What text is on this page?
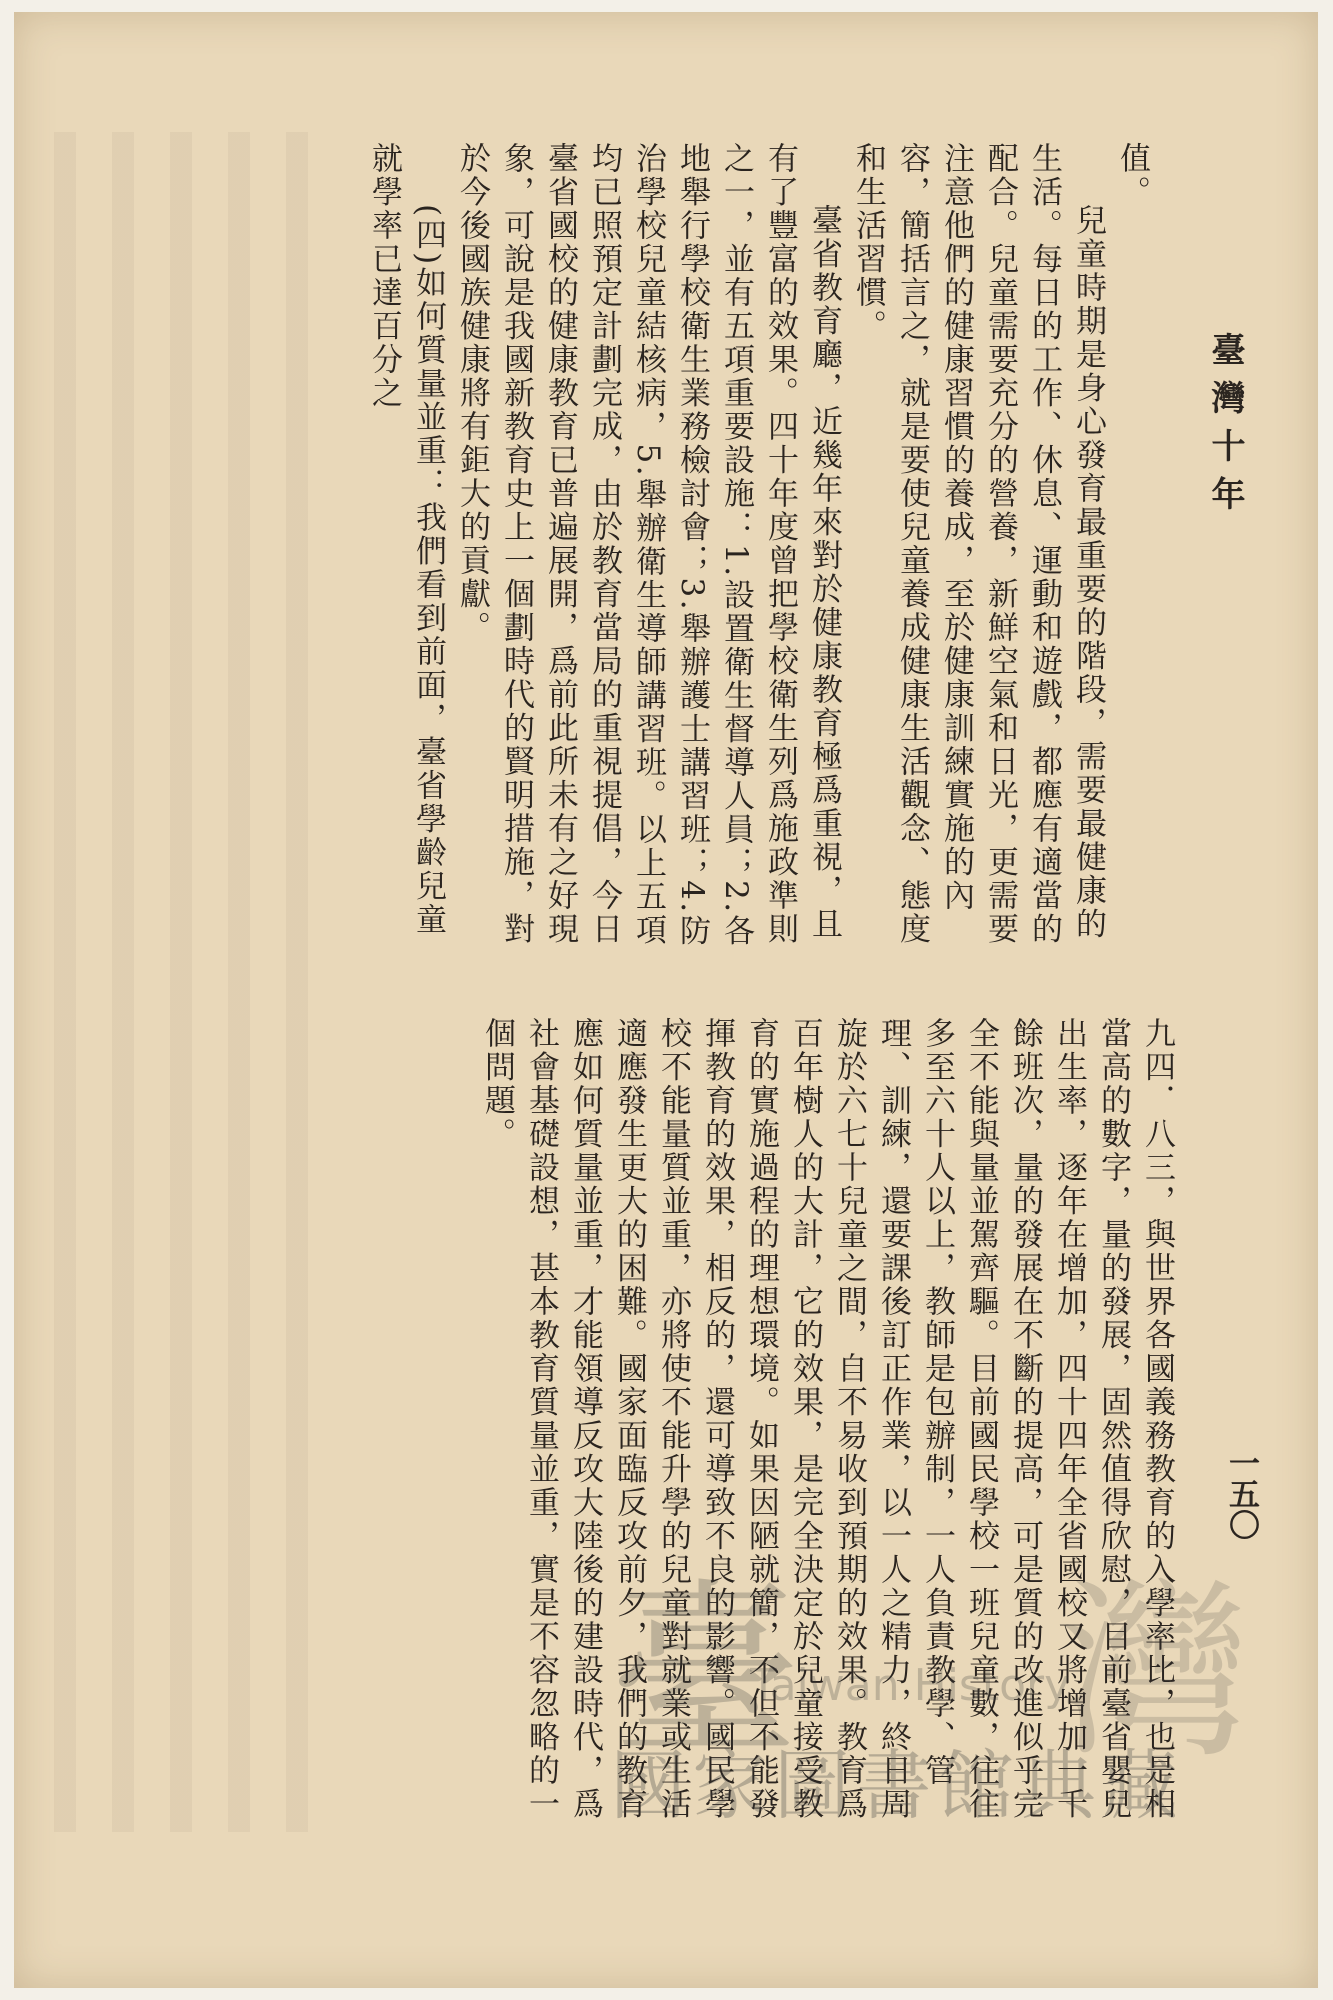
臺灣十年

值。

兒童時期是身心發育最重要的階段，需要最健康的生活。每日的工作、休息、運動和遊戲，都應有適當的配合。兒童需要充分的營養，新鮮空氣和日光，更需要注意他們的健康習慣的養成，至於健康訓練實施的內容，簡括言之，就是要使兒童養成健康生活觀念、態度和生活習慣。

臺省教育廳，近幾年來對於健康教育極爲重視，且有了豐富的效果。四十年度曾把學校衛生列爲施政準則之一，並有五項重要設施：1.設置衛生督導人員；2.各地舉行學校衛生業務檢討會；3.舉辦護士講習班；4.防治學校兒童結核病，5.舉辦衛生導師講習班。以上五項均已照預定計劃完成，由於教育當局的重視提倡，今日臺省國校的健康教育已普遍展開，爲前此所未有之好現象，可說是我國新教育史上一個劃時代的賢明措施，對於今後國族健康將有鉅大的貢獻。

(四)如何質量並重：我們看到前面，臺省學齡兒童就學率已達百分之

一五〇

九四．八三，與世界各國義務教育的入學率比，也是相當高的數字，量的發展，固然值得欣慰，目前臺省嬰兒出生率，逐年在增加，四十四年全省國校又將增加一千餘班次，量的發展在不斷的提高，可是質的改進似乎完全不能與量並駕齊驅。目前國民學校一班兒童數，往往多至六十人以上，教師是包辦制，一人負責教學、管理、訓練，還要課後訂正作業，以一人之精力，終日周旋於六七十兒童之間，自不易收到預期的效果。教育爲百年樹人的大計，它的效果，是完全決定於兒童接受教育的實施過程的理想環境。如果因陋就簡，不但不能發揮教育的效果，相反的，還可導致不良的影響。國民學校不能量質並重，亦將使不能升學的兒童對就業或生活適應發生更大的困難。國家面臨反攻前夕，我們的教育應如何質量並重，才能領導反攻大陸後的建設時代，爲社會基礎設想，甚本教育質量並重，實是不容忽略的一個問題。

臺 灣
Taiwan History
國家圖書館典藏
